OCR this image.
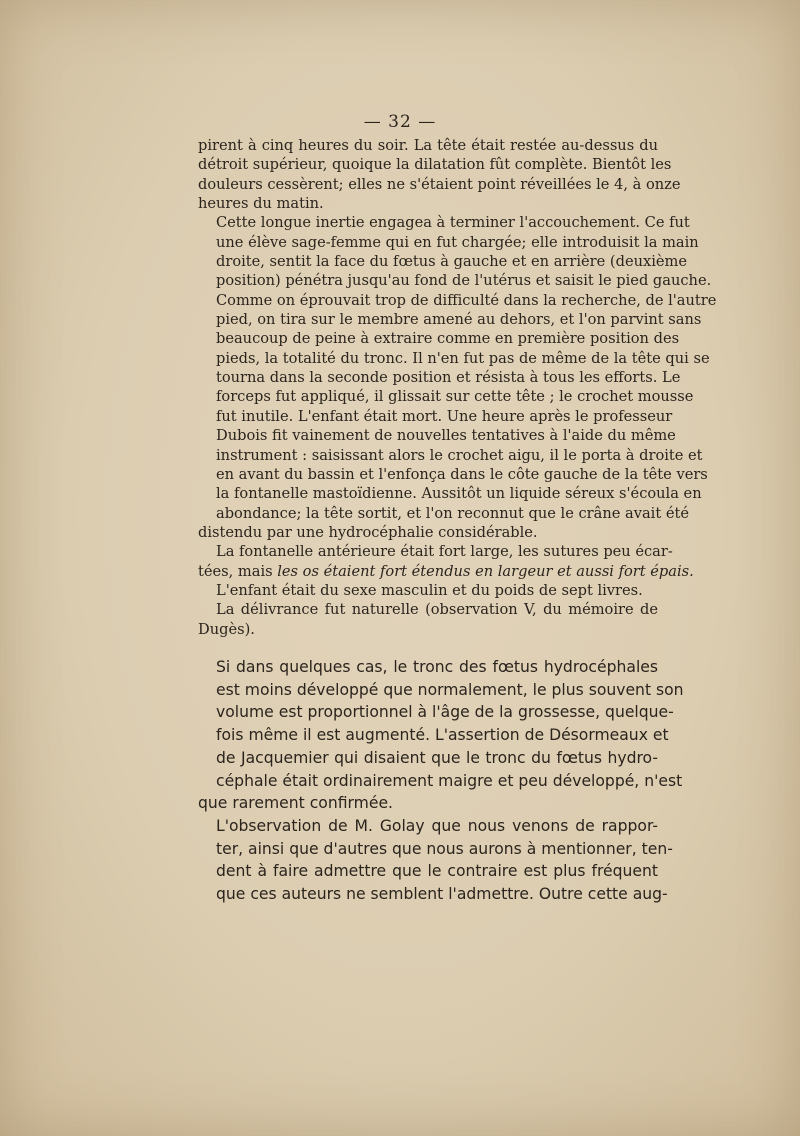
— 32 —

pirent à cinq heures du soir. La tête était restée au-dessus du
détroit supérieur, quoique la dilatation fût complète. Bientôt les
douleurs cessèrent; elles ne s'étaient point réveillées le 4, à onze

heures du matin.

Cette longue inertie engagea à terminer l'accouchement. Ce fut
une élève sage-femme qui en fut chargée; elle introduisit la main
droite, sentit la face du fœtus à gauche et en arrière (deuxième
position) pénétra jusqu'au fond de l'utérus et saisit le pied gauche.
Comme on éprouvait trop de difficulté dans la recherche, de l'autre
pied, on tira sur le membre amené au dehors, et l'on parvint sans
beaucoup de peine à extraire comme en première position des
pieds, la totalité du tronc. Il n'en fut pas de même de la tête qui se
tourna dans la seconde position et résista à tous les efforts. Le
forceps fut appliqué, il glissait sur cette tête ; le crochet mousse
fut inutile. L'enfant était mort. Une heure après le professeur
Dubois fit vainement de nouvelles tentatives à l'aide du même
instrument : saisissant alors le crochet aigu, il le porta à droite et
en avant du bassin et l'enfonça dans le côte gauche de la tête vers
la fontanelle mastoïdienne. Aussitôt un liquide séreux s'écoula en
abondance; la tête sortit, et l'on reconnut que le crâne avait été

distendu par une hydrocéphalie considérable.

La fontanelle antérieure était fort large, les sutures peu écar-

tées, mais les os étaient fort étendus en largeur et aussi fort épais.

L'enfant était du sexe masculin et du poids de sept livres.

La délivrance fut naturelle (observation V, du mémoire de

Dugès).

Si dans quelques cas, le tronc des fœtus hydrocéphales
est moins développé que normalement, le plus souvent son
volume est proportionnel à l'âge de la grossesse, quelque-
fois même il est augmenté. L'assertion de Désormeaux et
de Jacquemier qui disaient que le tronc du fœtus hydro-
céphale était ordinairement maigre et peu développé, n'est

que rarement confirmée.

L'observation de M. Golay que nous venons de rappor-
ter, ainsi que d'autres que nous aurons à mentionner, ten-
dent à faire admettre que le contraire est plus fréquent
que ces auteurs ne semblent l'admettre. Outre cette aug-
